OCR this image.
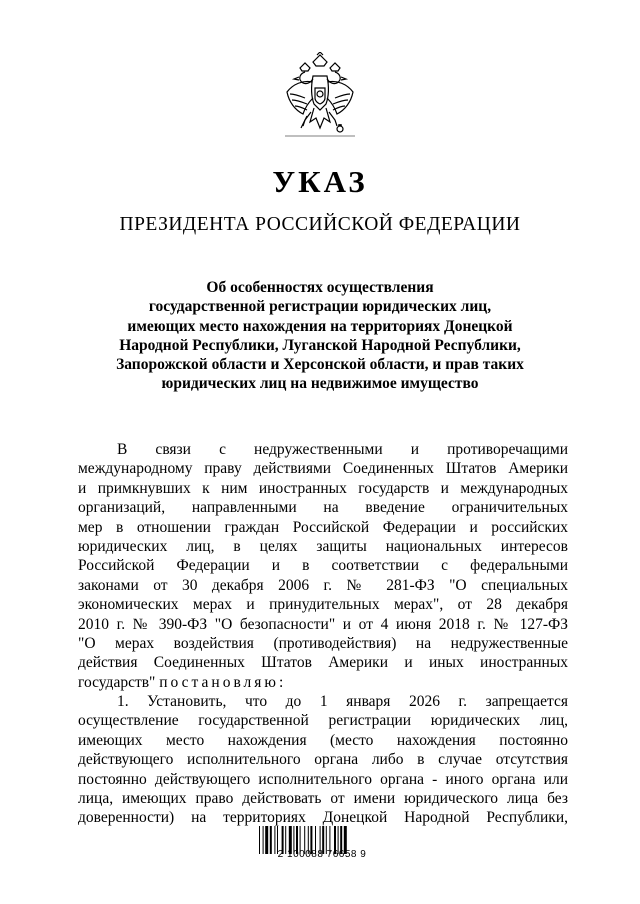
УКАЗ
ПРЕЗИДЕНТА РОССИЙСКОЙ ФЕДЕРАЦИИ
Об особенностях осуществления
государственной регистрации юридических лиц,
имеющих место нахождения на территориях Донецкой
Народной Республики, Луганской Народной Республики,
Запорожской области и Херсонской области, и прав таких
юридических лиц на недвижимое имущество
В связи с недружественными и противоречащими
международному праву действиями Соединенных Штатов Америки
и примкнувших к ним иностранных государств и международных
организаций, направленными на введение ограничительных
мер в отношении граждан Российской Федерации и российских
юридических лиц, в целях защиты национальных интересов
Российской Федерации и в соответствии с федеральными
законами от 30 декабря 2006 г. № 281-ФЗ "О специальных
экономических мерах и принудительных мерах", от 28 декабря
2010 г. № 390-ФЗ "О безопасности" и от 4 июня 2018 г. № 127-ФЗ
"О мерах воздействия (противодействия) на недружественные
действия Соединенных Штатов Америки и иных иностранных
государств" постановляю:
1. Установить, что до 1 января 2026 г. запрещается
осуществление государственной регистрации юридических лиц,
имеющих место нахождения (место нахождения постоянно
действующего исполнительного органа либо в случае отсутствия
постоянно действующего исполнительного органа - иного органа или
лица, имеющих право действовать от имени юридического лица без
доверенности) на территориях Донецкой Народной Республики,
2 100088 76658 9
